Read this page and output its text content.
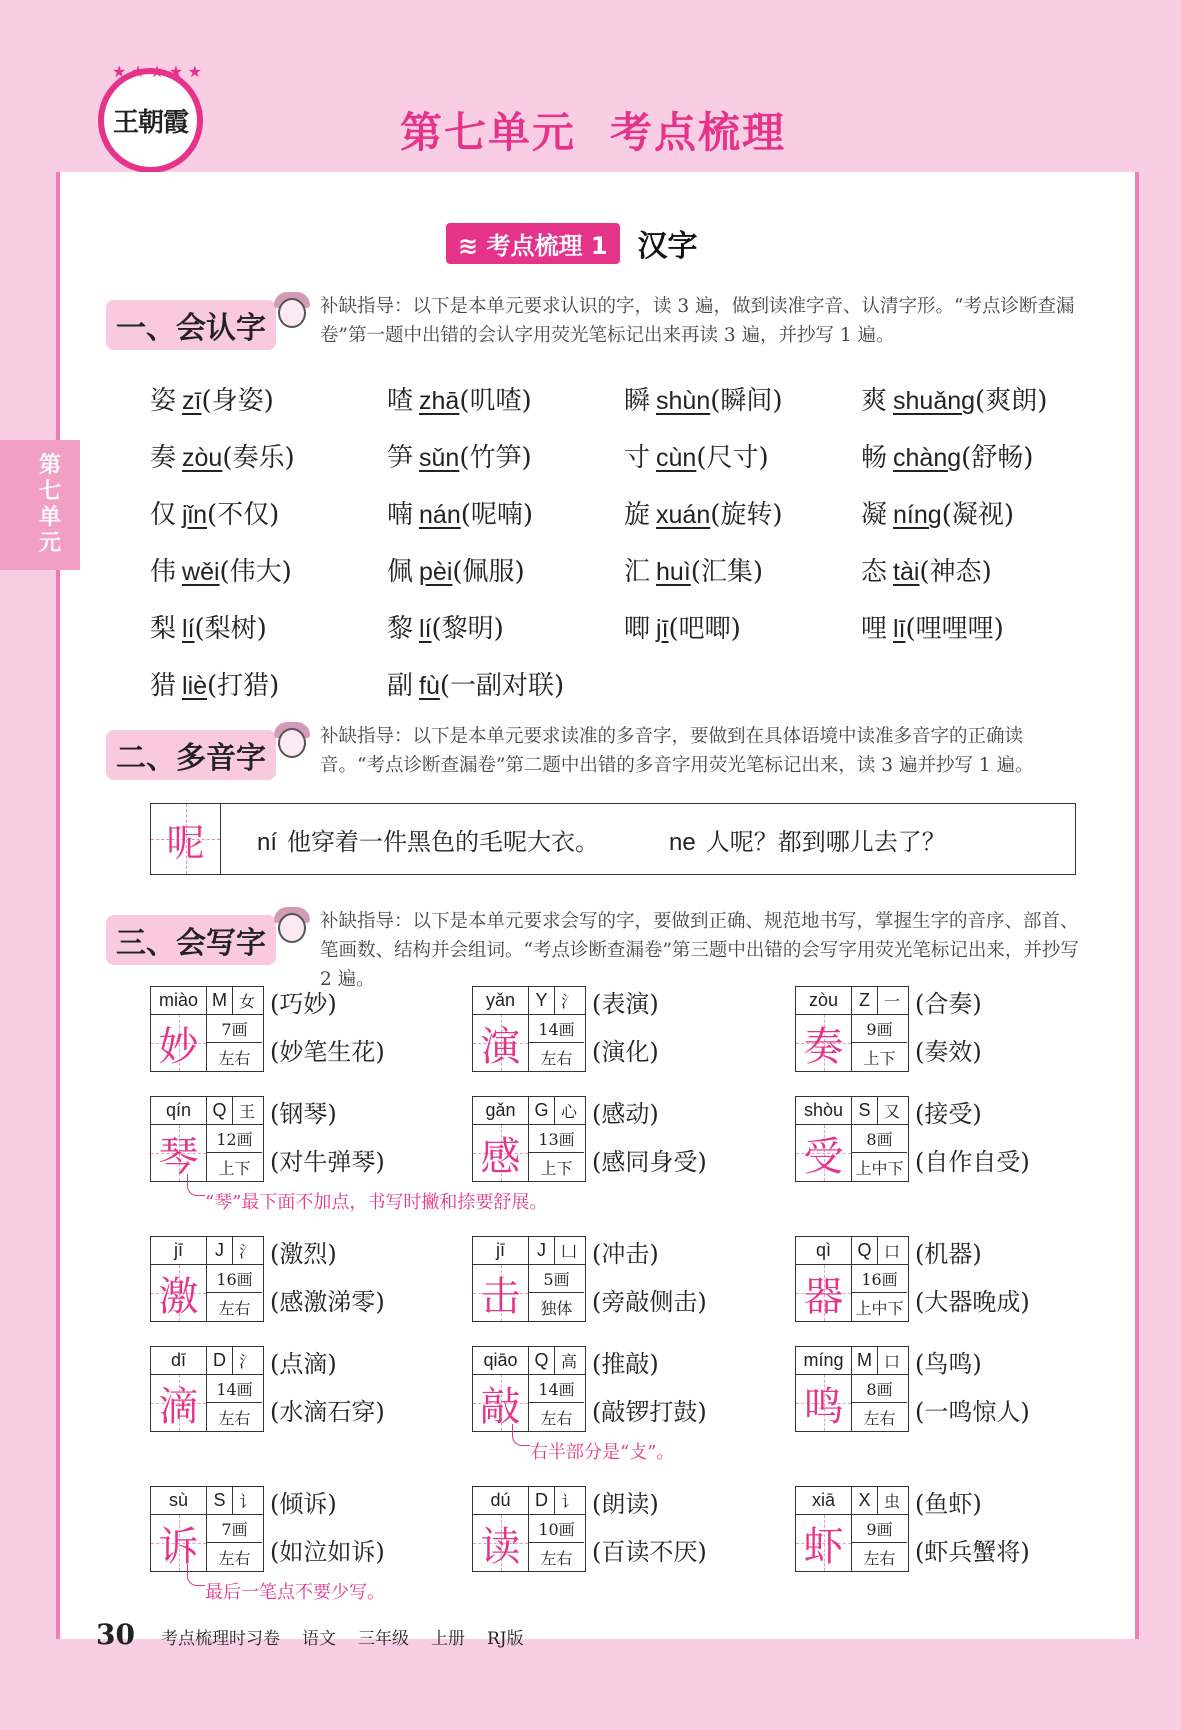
★ ★ ★ ★ ★
王朝霞	第七单元 考点梳理
第
七
单
元
≋ 考点梳理 1	汉字
一、会认字
补缺指导：以下是本单元要求认识的字，读 3 遍，做到读准字音、认清字形。“考点诊断查漏卷”第一题中出错的会认字用荧光笔标记出来再读 3 遍，并抄写 1 遍。
姿 zī(身姿)	喳 zhā(叽喳)	瞬 shùn(瞬间)	爽 shuǎng(爽朗)
奏 zòu(奏乐)	笋 sǔn(竹笋)	寸 cùn(尺寸)	畅 chàng(舒畅)
仅 jǐn(不仅)	喃 nán(呢喃)	旋 xuán(旋转)	凝 níng(凝视)
伟 wěi(伟大)	佩 pèi(佩服)	汇 huì(汇集)	态 tài(神态)
梨 lí(梨树)	黎 lí(黎明)	唧 jī(吧唧)	哩 lī(哩哩哩)
猎 liè(打猎)	副 fù(一副对联)
二、多音字
补缺指导：以下是本单元要求读准的多音字，要做到在具体语境中读准多音字的正确读音。“考点诊断查漏卷”第二题中出错的多音字用荧光笔标记出来，读 3 遍并抄写 1 遍。
呢	ní 他穿着一件黑色的毛呢大衣。	ne 人呢？都到哪儿去了？
三、会写字
补缺指导：以下是本单元要求会写的字，要做到正确、规范地书写，掌握生字的音序、部首、笔画数、结构并会组词。“考点诊断查漏卷”第三题中出错的会写字用荧光笔标记出来，并抄写 2 遍。
miào M 女
妙	7画
左右
(巧妙)
(妙笔生花)
yǎn	Y 氵
演	14画
左右
(表演)
(演化)
zòu	Z 一
奏	9画
上下
(合奏)
(奏效)
qín	Q 王
琴	12画
上下
(钢琴)
(对牛弹琴)
gǎn	G 心
感	13画
上下
(感动)
(感同身受)
shòu S 又
受	8画
上中下
(接受)
(自作自受)
jī	J 氵
激	16画
左右
(激烈)
(感激涕零)
jī	J 凵
击	5画
独体
(冲击)
(旁敲侧击)
qì	Q 口
器	16画
上中下
(机器)
(大器晚成)
dī	D 氵
滴	14画
左右
(点滴)
(水滴石穿)
qiāo Q 高
敲	14画
左右
(推敲)
(敲锣打鼓)
míng M 口
鸣	8画
左右
(鸟鸣)
(一鸣惊人)
sù	S 讠
诉	7画
左右
(倾诉)
(如泣如诉)
dú	D 讠
读	10画
左右
(朗读)
(百读不厌)
xiā	X 虫
虾	9画
左右
(鱼虾)
(虾兵蟹将)
“琴”最下面不加点，书写时撇和捺要舒展。
右半部分是“攴”。
最后一笔点不要少写。
30 考点梳理时习卷 语文 三年级 上册 RJ版
